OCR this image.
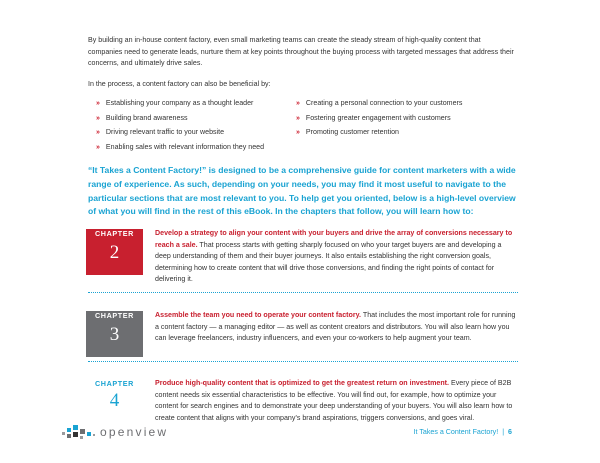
By building an in-house content factory, even small marketing teams can create the steady stream of high-quality content that companies need to generate leads, nurture them at key points throughout the buying process with targeted messages that address their concerns, and ultimately drive sales.

In the process, a content factory can also be beneficial by:

» Establishing your company as a thought leader
» Building brand awareness
» Driving relevant traffic to your website
» Enabling sales with relevant information they need
» Creating a personal connection to your customers
» Fostering greater engagement with customers
» Promoting customer retention

“It Takes a Content Factory!” is designed to be a comprehensive guide for content marketers with a wide range of experience. As such, depending on your needs, you may find it most useful to navigate to the particular sections that are most relevant to you. To help get you oriented, below is a high-level overview of what you will find in the rest of this eBook. In the chapters that follow, you will learn how to:

CHAPTER
2

Develop a strategy to align your content with your buyers and drive the array of conversions necessary to reach a sale. That process starts with getting sharply focused on who your target buyers are and developing a deep understanding of them and their buyer journeys. It also entails establishing the right conversion goals, determining how to create content that will drive those conversions, and finding the right points of contact for delivering it.

CHAPTER
3

Assemble the team you need to operate your content factory. That includes the most important role for running a content factory — a managing editor — as well as content creators and distributors. You will also learn how you can leverage freelancers, industry influencers, and even your co-workers to help augment your team.

CHAPTER
4

Produce high-quality content that is optimized to get the greatest return on investment. Every piece of B2B content needs six essential characteristics to be effective. You will find out, for example, how to optimize your content for search engines and to demonstrate your deep understanding of your buyers. You will also learn how to create content that aligns with your company’s brand aspirations, triggers conversions, and goes viral.

openview	It Takes a Content Factory! | 6
